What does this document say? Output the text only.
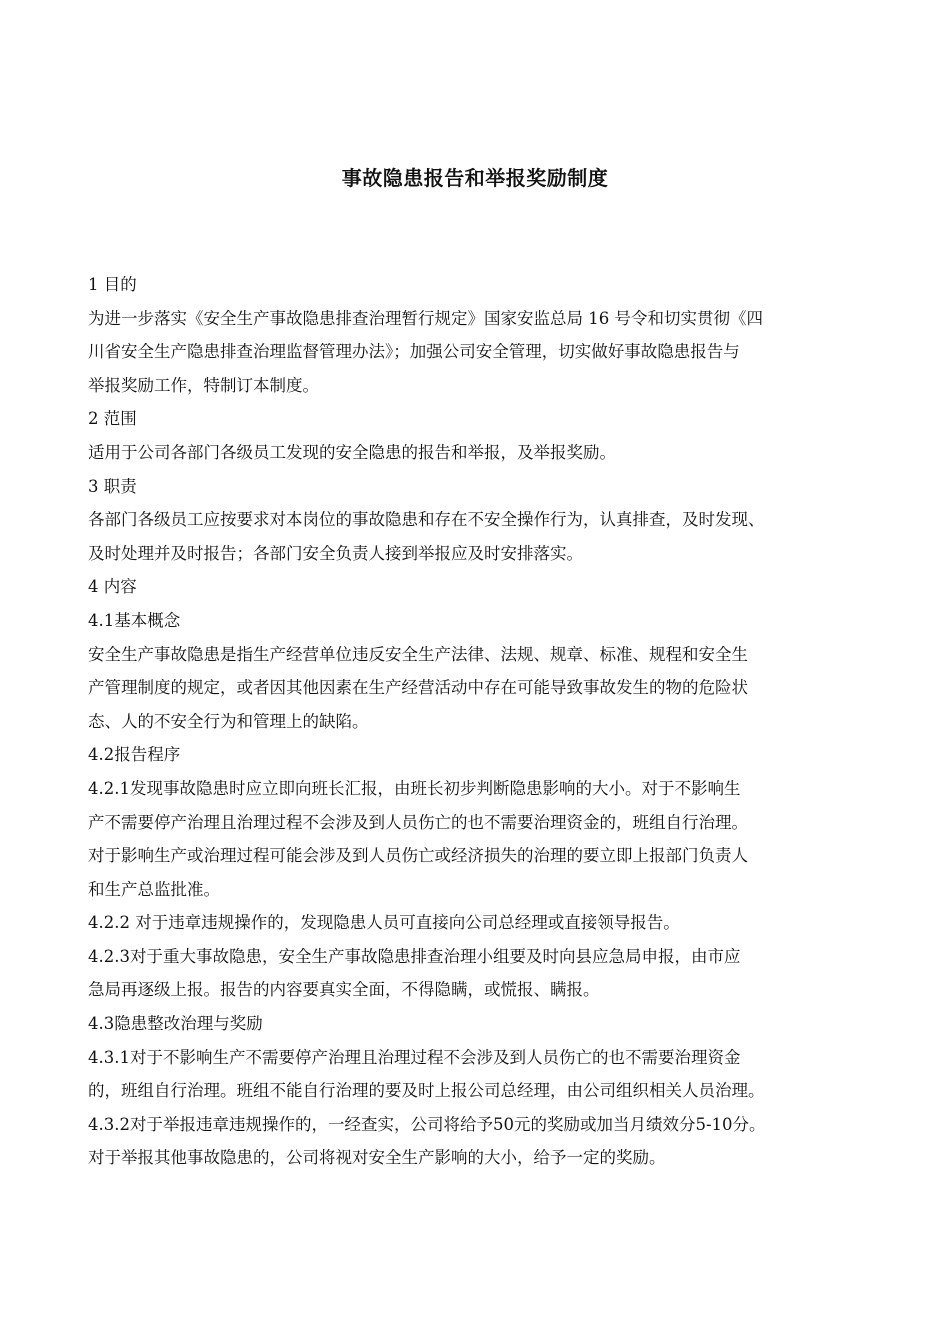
事故隐患报告和举报奖励制度
1 目的
为进一步落实《安全生产事故隐患排查治理暂行规定》国家安监总局 16 号令和切实贯彻《四
川省安全生产隐患排查治理监督管理办法》；加强公司安全管理，切实做好事故隐患报告与
举报奖励工作，特制订本制度。
2 范围
适用于公司各部门各级员工发现的安全隐患的报告和举报，及举报奖励。
3 职责
各部门各级员工应按要求对本岗位的事故隐患和存在不安全操作行为，认真排查，及时发现、
及时处理并及时报告；各部门安全负责人接到举报应及时安排落实。
4 内容
4.1基本概念
安全生产事故隐患是指生产经营单位违反安全生产法律、法规、规章、标准、规程和安全生
产管理制度的规定，或者因其他因素在生产经营活动中存在可能导致事故发生的物的危险状
态、人的不安全行为和管理上的缺陷。
4.2报告程序
4.2.1发现事故隐患时应立即向班长汇报，由班长初步判断隐患影响的大小。对于不影响生
产不需要停产治理且治理过程不会涉及到人员伤亡的也不需要治理资金的，班组自行治理。
对于影响生产或治理过程可能会涉及到人员伤亡或经济损失的治理的要立即上报部门负责人
和生产总监批准。
4.2.2 对于违章违规操作的，发现隐患人员可直接向公司总经理或直接领导报告。
4.2.3对于重大事故隐患，安全生产事故隐患排查治理小组要及时向县应急局申报，由市应
急局再逐级上报。报告的内容要真实全面，不得隐瞒，或慌报、瞒报。
4.3隐患整改治理与奖励
4.3.1对于不影响生产不需要停产治理且治理过程不会涉及到人员伤亡的也不需要治理资金
的，班组自行治理。班组不能自行治理的要及时上报公司总经理，由公司组织相关人员治理。
4.3.2对于举报违章违规操作的，一经查实，公司将给予50元的奖励或加当月绩效分5-10分。
对于举报其他事故隐患的，公司将视对安全生产影响的大小，给予一定的奖励。
